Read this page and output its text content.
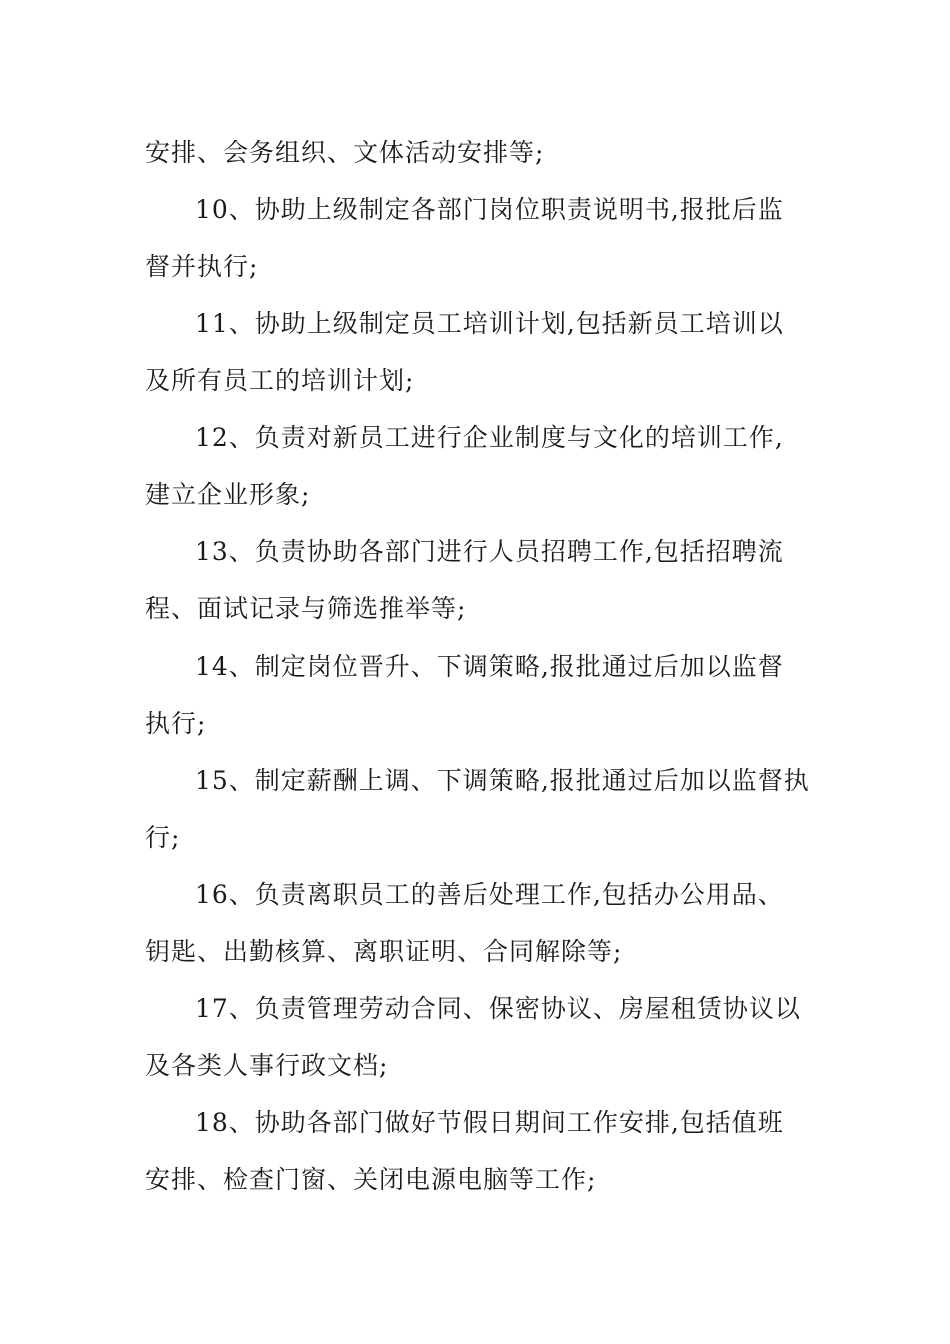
安排、会务组织、文体活动安排等;
10、协助上级制定各部门岗位职责说明书,报批后监
督并执行;
11、协助上级制定员工培训计划,包括新员工培训以
及所有员工的培训计划;
12、负责对新员工进行企业制度与文化的培训工作,
建立企业形象;
13、负责协助各部门进行人员招聘工作,包括招聘流
程、面试记录与筛选推举等;
14、制定岗位晋升、下调策略,报批通过后加以监督
执行;
15、制定薪酬上调、下调策略,报批通过后加以监督执
行;
16、负责离职员工的善后处理工作,包括办公用品、
钥匙、出勤核算、离职证明、合同解除等;
17、负责管理劳动合同、保密协议、房屋租赁协议以
及各类人事行政文档;
18、协助各部门做好节假日期间工作安排,包括值班
安排、检查门窗、关闭电源电脑等工作;
